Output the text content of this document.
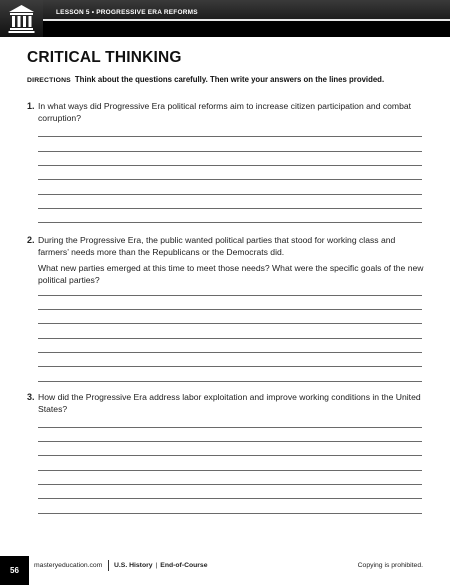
LESSON 5 • PROGRESSIVE ERA REFORMS
CRITICAL THINKING
DIRECTIONS Think about the questions carefully. Then write your answers on the lines provided.
1. In what ways did Progressive Era political reforms aim to increase citizen participation and combat corruption?

2. During the Progressive Era, the public wanted political parties that stood for working class and farmers’ needs more than the Republicans or the Democrats did.

What new parties emerged at this time to meet those needs? What were the specific goals of the new political parties?

3. How did the Progressive Era address labor exploitation and improve working conditions in the United States?

56
masteryeducation.com U.S. History | End-of-Course	Copying is prohibited.
